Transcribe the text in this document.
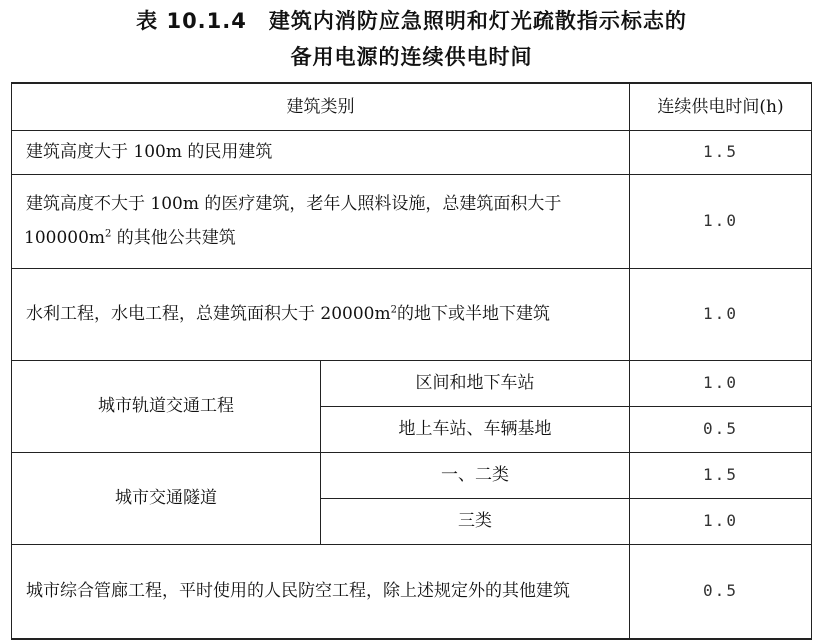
表 10.1.4 建筑内消防应急照明和灯光疏散指示标志的
备用电源的连续供电时间
建筑类别		连续供电时间(h)
建筑高度大于 100m 的民用建筑		1.5
建筑高度不大于 100m 的医疗建筑，老年人照料设施，总建筑面积大于 $100000m^2$ 的其他公共建筑		1.0
水利工程，水电工程，总建筑面积大于 $20000m^2$的地下或半地下建筑		1.0
城市轨道交通工程	区间和地下车站	1.0
	地上车站、车辆基地	0.5
城市交通隧道	一、二类	1.5
	三类	1.0
城市综合管廊工程，平时使用的人民防空工程，除上述规定外的其他建筑		0.5
